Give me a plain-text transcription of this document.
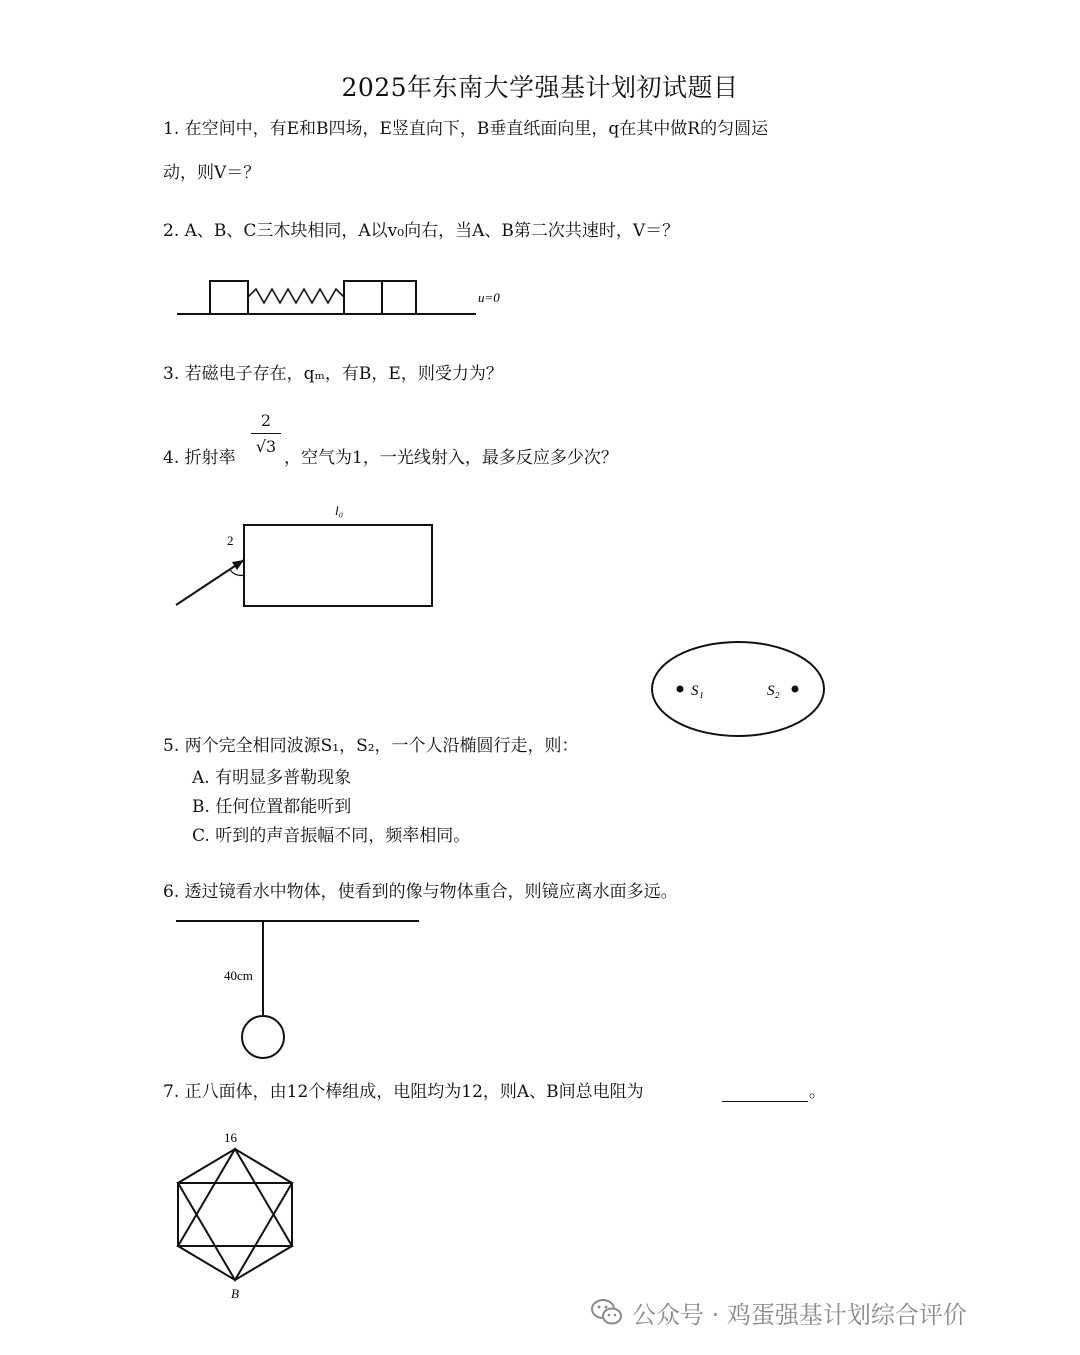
2025年东南大学强基计划初试题目
1. 在空间中，有E和B四场，E竖直向下，B垂直纸面向里，q在其中做R的匀圆运
动，则V＝？
2. A、B、C三木块相同，A以v₀向右，当A、B第二次共速时，V＝？
u=0
3. 若磁电子存在，qₘ，有B，E，则受力为？
4. 折射率
2
√3
，空气为1，一光线射入，最多反应多少次？
l₀
2
S₁	S₂
5. 两个完全相同波源S₁，S₂，一个人沿椭圆行走，则：
A. 有明显多普勒现象
B. 任何位置都能听到
C. 听到的声音振幅不同，频率相同。
6. 透过镜看水中物体，使看到的像与物体重合，则镜应离水面多远。
40cm
7. 正八面体，由12个棒组成，电阻均为12，则A、B间总电阻为	。
16
B
公众号 · 鸡蛋强基计划综合评价
